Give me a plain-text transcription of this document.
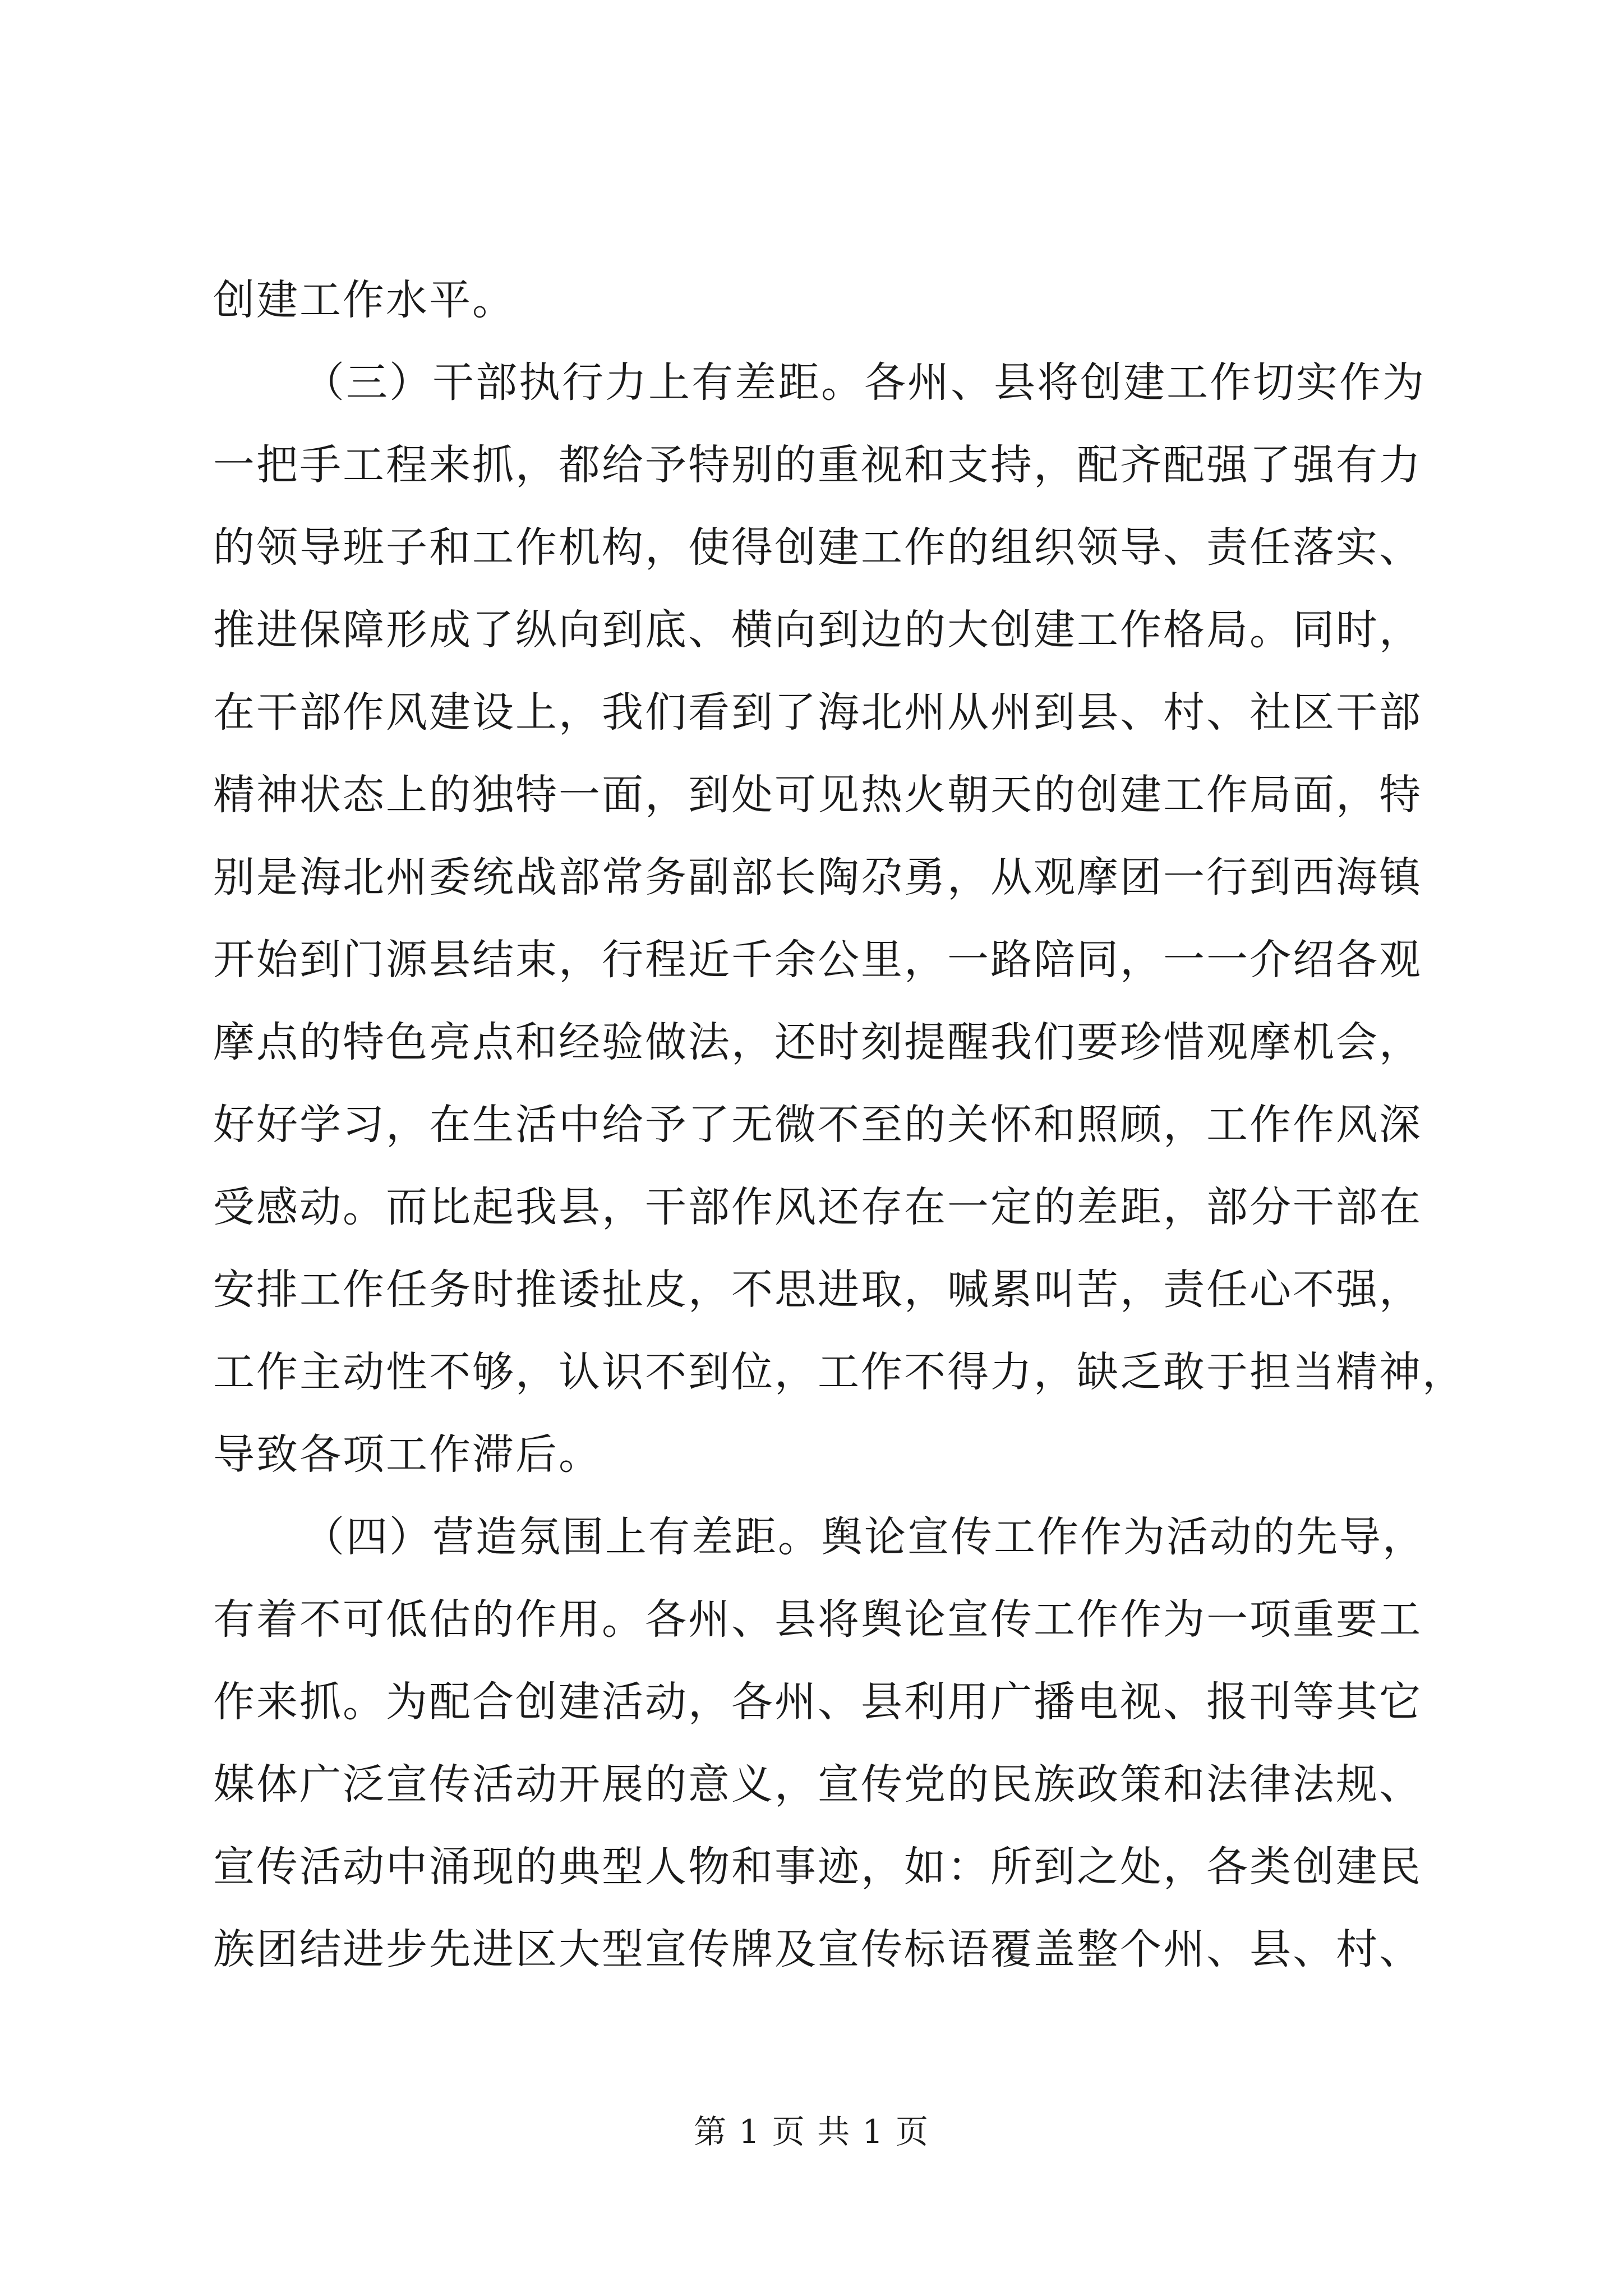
创建工作水平。
（三）干部执行力上有差距。各州、县将创建工作切实作为
一把手工程来抓，都给予特别的重视和支持，配齐配强了强有力
的领导班子和工作机构，使得创建工作的组织领导、责任落实、
推进保障形成了纵向到底、横向到边的大创建工作格局。同时，
在干部作风建设上，我们看到了海北州从州到县、村、社区干部
精神状态上的独特一面，到处可见热火朝天的创建工作局面，特
别是海北州委统战部常务副部长陶尕勇，从观摩团一行到西海镇
开始到门源县结束，行程近千余公里，一路陪同，一一介绍各观
摩点的特色亮点和经验做法，还时刻提醒我们要珍惜观摩机会，
好好学习，在生活中给予了无微不至的关怀和照顾，工作作风深
受感动。而比起我县，干部作风还存在一定的差距，部分干部在
安排工作任务时推诿扯皮，不思进取，喊累叫苦，责任心不强，
工作主动性不够，认识不到位，工作不得力，缺乏敢于担当精神，
导致各项工作滞后。
（四）营造氛围上有差距。舆论宣传工作作为活动的先导，
有着不可低估的作用。各州、县将舆论宣传工作作为一项重要工
作来抓。为配合创建活动，各州、县利用广播电视、报刊等其它
媒体广泛宣传活动开展的意义，宣传党的民族政策和法律法规、
宣传活动中涌现的典型人物和事迹，如：所到之处，各类创建民
族团结进步先进区大型宣传牌及宣传标语覆盖整个州、县、村、
第 1 页 共 1 页
